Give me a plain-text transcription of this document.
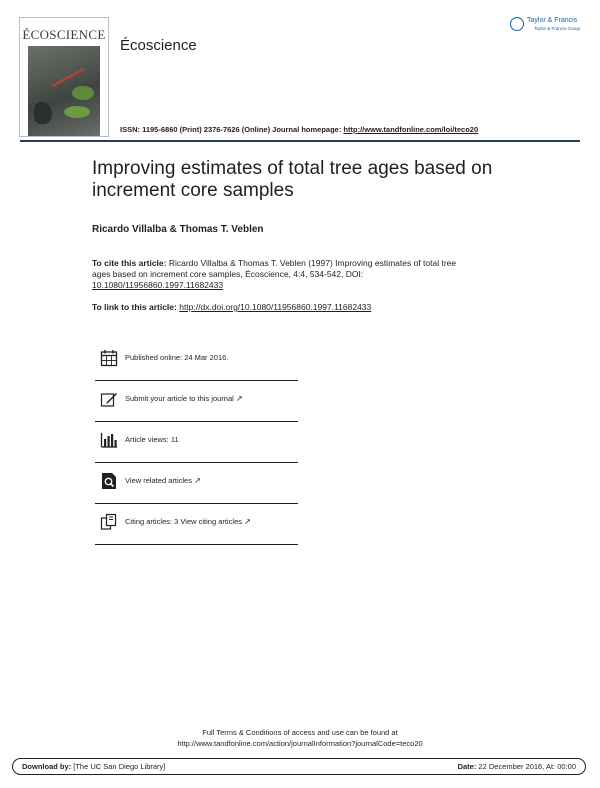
ÉCOSCIENCE
Écoscience
ISSN: 1195-6860 (Print) 2376-7626 (Online) Journal homepage: http://www.tandfonline.com/loi/teco20
Taylor & Francis
Taylor & Francis Group
Improving estimates of total tree ages based on increment core samples
Ricardo Villalba & Thomas T. Veblen
To cite this article: Ricardo Villalba & Thomas T. Veblen (1997) Improving estimates of total tree ages based on increment core samples, Écoscience, 4:4, 534-542, DOI: 10.1080/11956860.1997.11682433
To link to this article: http://dx.doi.org/10.1080/11956860.1997.11682433
Published online: 24 Mar 2016.
Submit your article to this journal ↗︎
Article views: 11
View related articles ↗︎
Citing articles: 3 View citing articles ↗︎
Full Terms & Conditions of access and use can be found at
http://www.tandfonline.com/action/journalInformation?journalCode=teco20
Download by: [The UC San Diego Library]	Date: 22 December 2016, At: 00:00
